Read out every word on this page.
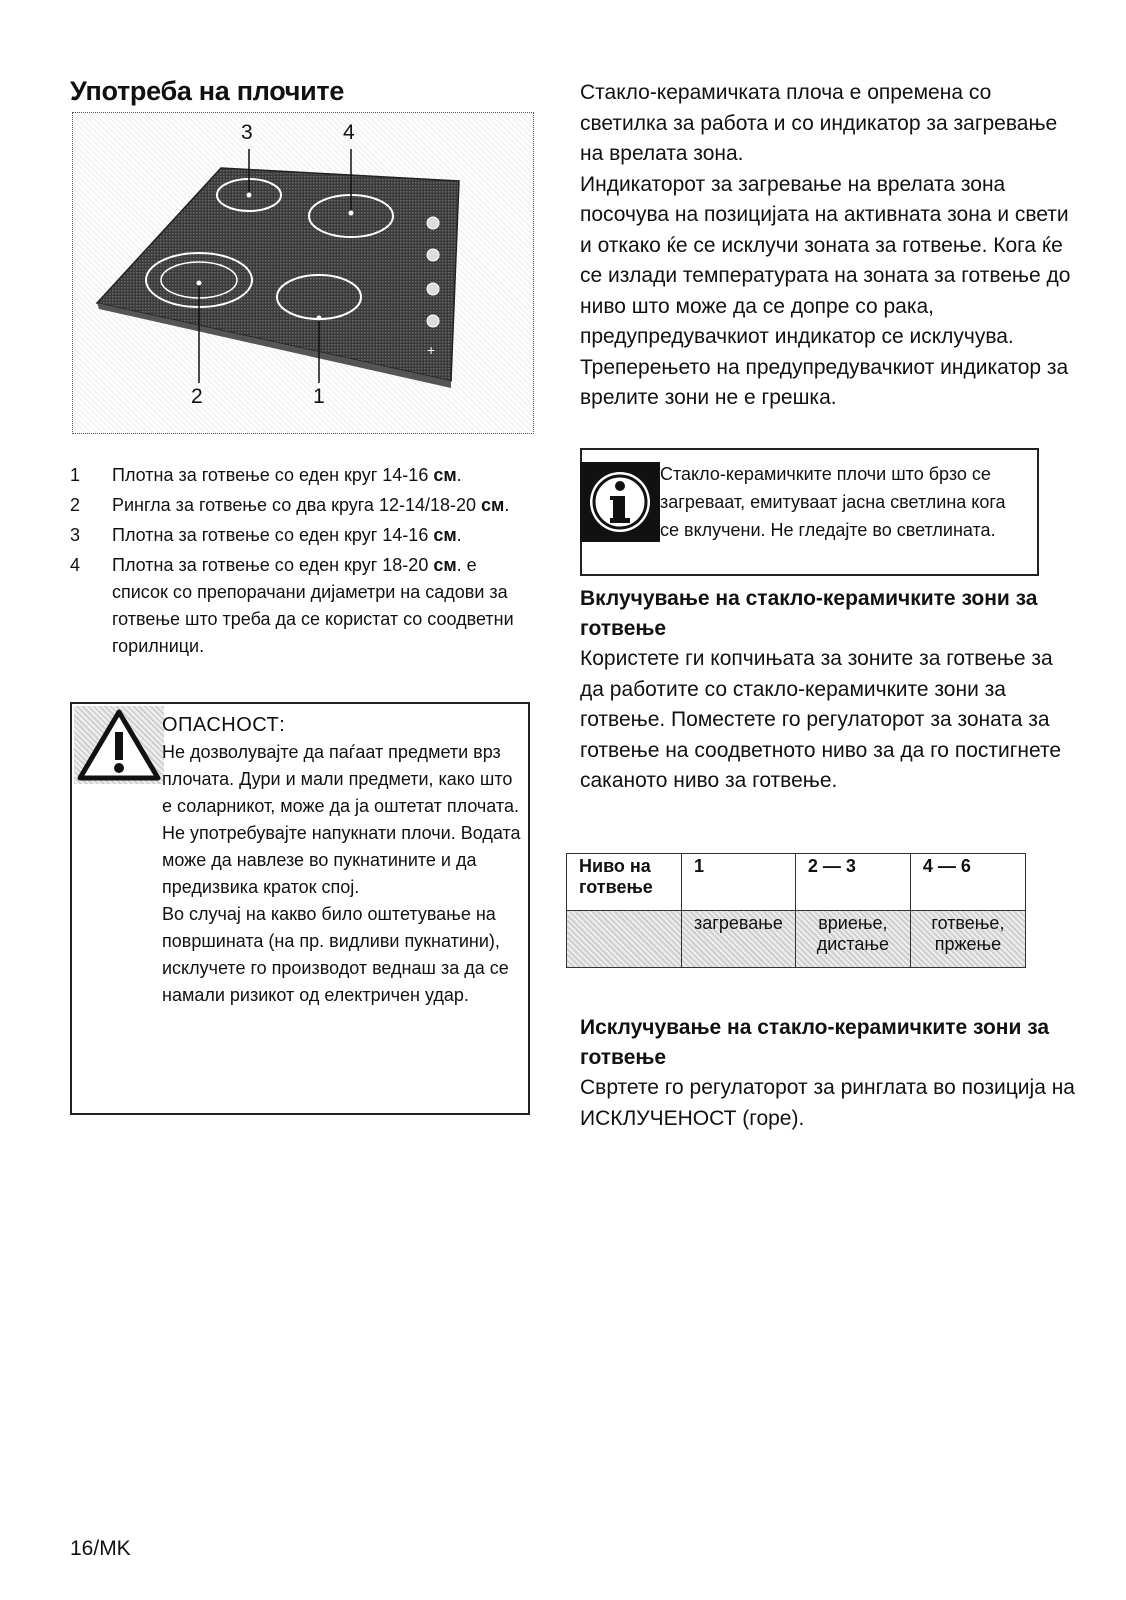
Употреба на плочите
+
3	4
2	1
1	Плотна за готвење со еден круг 14-16 см.
2	Рингла за готвење со два круга 12-14/18-20 см.
3	Плотна за готвење со еден круг 14-16 см.
4	Плотна за готвење со еден круг 18-20 см. е список со препорачани дијаметри на садови за готвење што треба да се користат со соодветни горилници.
ОПАСНОСТ:
Не дозволувајте да паѓаат предмети врз плочата. Дури и мали предмети, како што е соларникот, може да ја оштетат плочата.
Не употребувајте напукнати плочи. Водата може да навлезе во пукнатините и да предизвика краток спој.
Во случај на какво било оштетување на површината (на пр. видливи пукнатини), исклучете го производот веднаш за да се намали ризикот од електричен удар.
Стакло-керамичката плоча е опремена со светилка за работа и со индикатор за загревање на врелата зона.
Индикаторот за загревање на врелата зона посочува на позицијата на активната зона и свети и откако ќе се исклучи зоната за готвење. Кога ќе се излади температурата на зоната за готвење до ниво што може да се допре со рака, предупредувачкиот индикатор се исклучува. Треперењето на предупредувачкиот индикатор за врелите зони не е грешка.
Стакло-керамичките плочи што брзо се загреваат, емитуваат јасна светлина кога се вклучени. Не гледајте во светлината.
Вклучување на стакло-керамичките зони за готвење
Користете ги копчињата за зоните за готвење за да работите со стакло-керамичките зони за готвење. Поместете го регулаторот за зоната за готвење на соодветното ниво за да го постигнете саканото ниво за готвење.
Ниво на готвење	1	2 — 3	4 — 6
	загревање	вриење, дистање	готвење, пржење
Исклучување на стакло-керамичките зони за готвење
Свртете го регулаторот за ринглата во позиција на ИСКЛУЧЕНОСТ (горе).
16/MK
